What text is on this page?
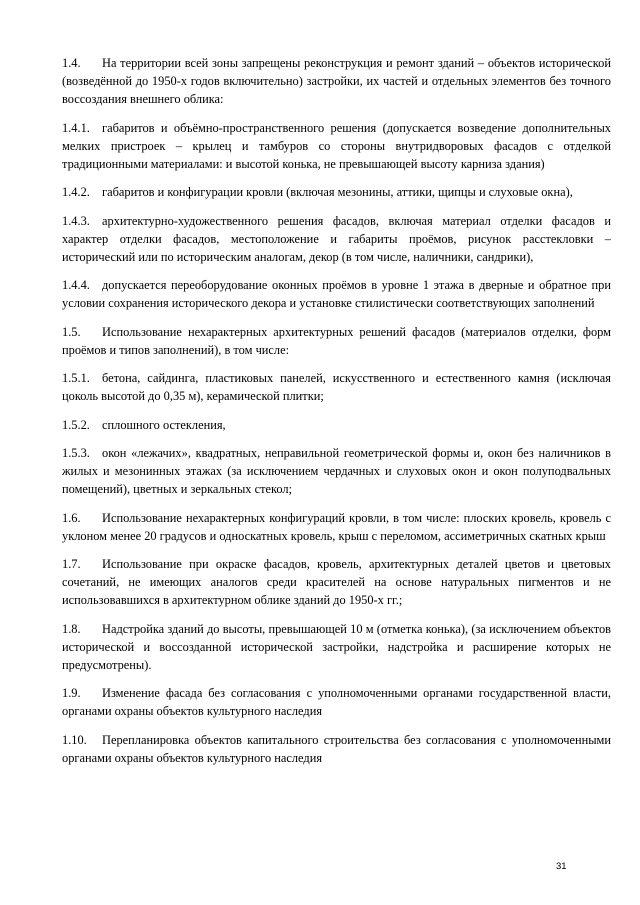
1.4. На территории всей зоны запрещены реконструкция и ремонт зданий – объектов исторической (возведённой до 1950-х годов включительно) застройки, их частей и отдельных элементов без точного воссоздания внешнего облика:

1.4.1. габаритов и объёмно-пространственного решения (допускается возведение дополнительных мелких пристроек – крылец и тамбуров со стороны внутридворовых фасадов с отделкой традиционными материалами: и высотой конька, не превышающей высоту карниза здания)

1.4.2. габаритов и конфигурации кровли (включая мезонины, аттики, щипцы и слуховые окна),

1.4.3. архитектурно-художественного решения фасадов, включая материал отделки фасадов и характер отделки фасадов, местоположение и габариты проёмов, рисунок расстекловки – исторический или по историческим аналогам, декор (в том числе, наличники, сандрики),

1.4.4. допускается переоборудование оконных проёмов в уровне 1 этажа в дверные и обратное при условии сохранения исторического декора и установке стилистически соответствующих заполнений

1.5. Использование нехарактерных архитектурных решений фасадов (материалов отделки, форм проёмов и типов заполнений), в том числе:

1.5.1. бетона, сайдинга, пластиковых панелей, искусственного и естественного камня (исключая цоколь высотой до 0,35 м), керамической плитки;

1.5.2. сплошного остекления,

1.5.3. окон «лежачих», квадратных, неправильной геометрической формы и, окон без наличников в жилых и мезонинных этажах (за исключением чердачных и слуховых окон и окон полуподвальных помещений), цветных и зеркальных стекол;

1.6. Использование нехарактерных конфигураций кровли, в том числе: плоских кровель, кровель с уклоном менее 20 градусов и односкатных кровель, крыш с переломом, ассиметричных скатных крыш

1.7. Использование при окраске фасадов, кровель, архитектурных деталей цветов и цветовых сочетаний, не имеющих аналогов среди красителей на основе натуральных пигментов и не использовавшихся в архитектурном облике зданий до 1950-х гг.;

1.8. Надстройка зданий до высоты, превышающей 10 м (отметка конька), (за исключением объектов исторической и воссозданной исторической застройки, надстройка и расширение которых не предусмотрены).

1.9. Изменение фасада без согласования с уполномоченными органами государственной власти, органами охраны объектов культурного наследия

1.10. Перепланировка объектов капитального строительства без согласования с уполномоченными органами охраны объектов культурного наследия

31
